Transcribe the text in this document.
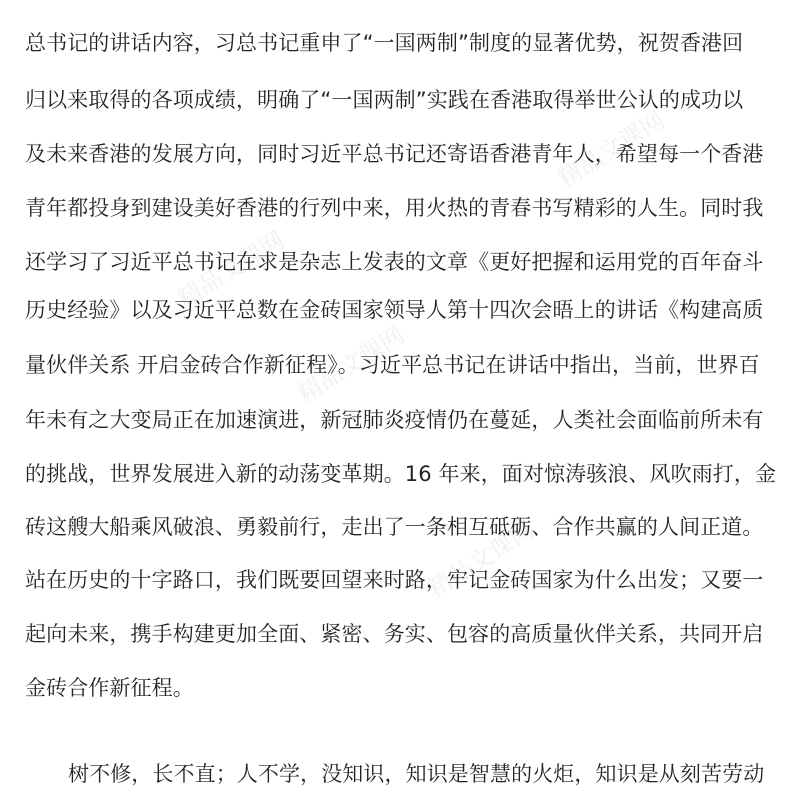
精品文课网
精品文课网
精品文课网
精品文课网
总书记的讲话内容，习总书记重申了“一国两制”制度的显著优势，祝贺香港回
归以来取得的各项成绩，明确了“一国两制”实践在香港取得举世公认的成功以
及未来香港的发展方向，同时习近平总书记还寄语香港青年人，希望每一个香港
青年都投身到建设美好香港的行列中来，用火热的青春书写精彩的人生。同时我
还学习了习近平总书记在求是杂志上发表的文章《更好把握和运用党的百年奋斗
历史经验》以及习近平总数在金砖国家领导人第十四次会晤上的讲话《构建高质
量伙伴关系 开启金砖合作新征程》。习近平总书记在讲话中指出，当前，世界百
年未有之大变局正在加速演进，新冠肺炎疫情仍在蔓延，人类社会面临前所未有
的挑战，世界发展进入新的动荡变革期。16 年来，面对惊涛骇浪、风吹雨打，金
砖这艘大船乘风破浪、勇毅前行，走出了一条相互砥砺、合作共赢的人间正道。
站在历史的十字路口，我们既要回望来时路，牢记金砖国家为什么出发；又要一
起向未来，携手构建更加全面、紧密、务实、包容的高质量伙伴关系，共同开启
金砖合作新征程。
树不修，长不直；人不学，没知识，知识是智慧的火炬，知识是从刻苦劳动
